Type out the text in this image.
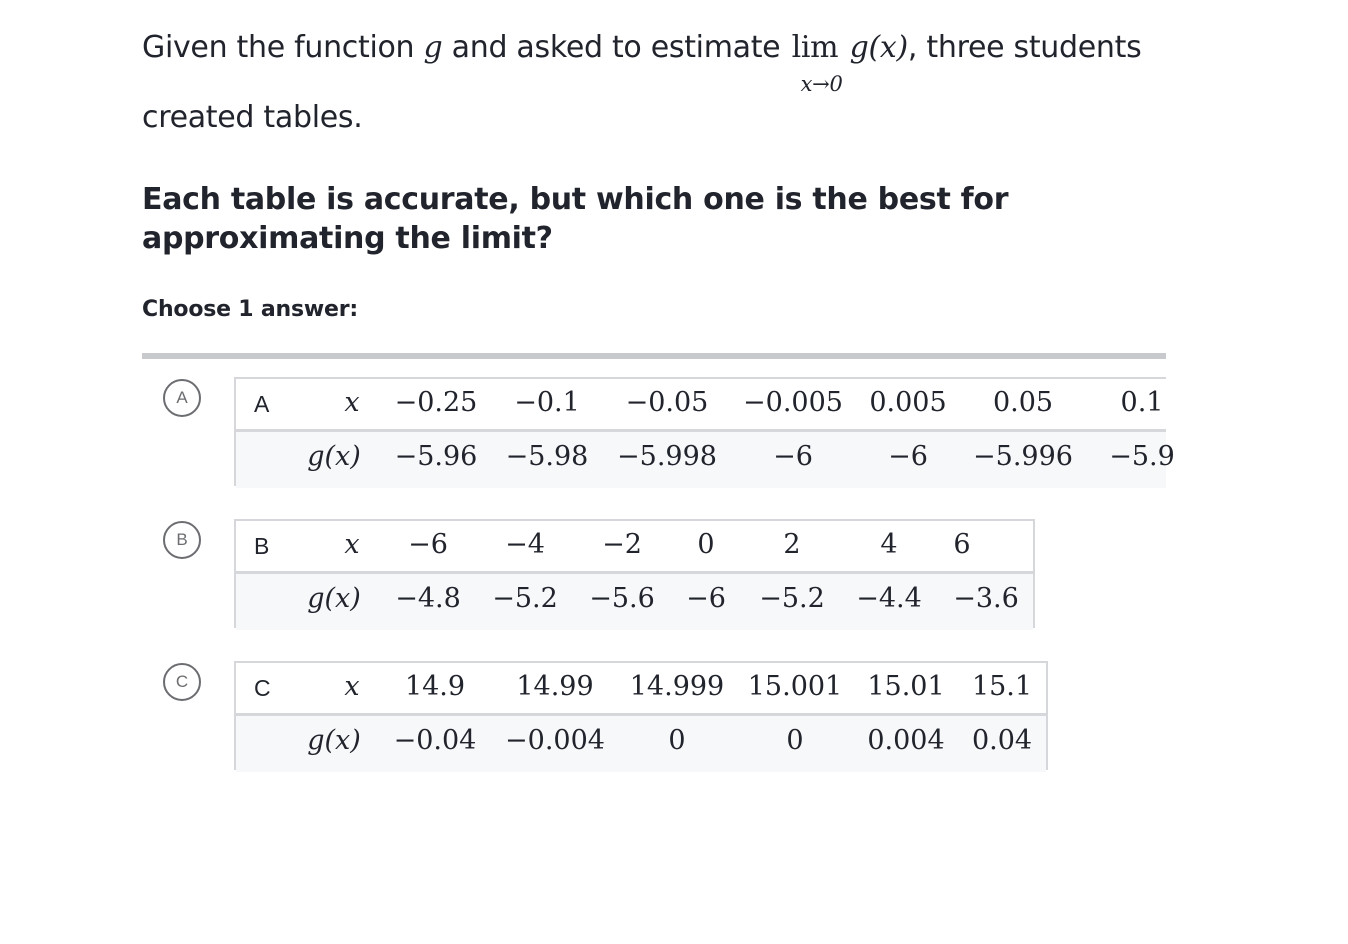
Given the function g and asked to estimate lim
x→0
g(x), three students
created tables.
Each table is accurate, but which one is the best for approximating the limit?
Choose 1 answer:
A	A	x −0.25 −0.1 −0.05 −0.005 0.005 0.05 0.1
g(x) −5.96 −5.98 −5.998 −6	−6 −5.996 −5.9
B	B	x −6 −4 −2 0	2	4 6
g(x) −4.8 −5.2 −5.6 −6 −5.2 −4.4 −3.6
C	C	x 14.9 14.99 14.999 15.001 15.01 15.1
g(x) −0.04 −0.004 0	0 0.004 0.04
